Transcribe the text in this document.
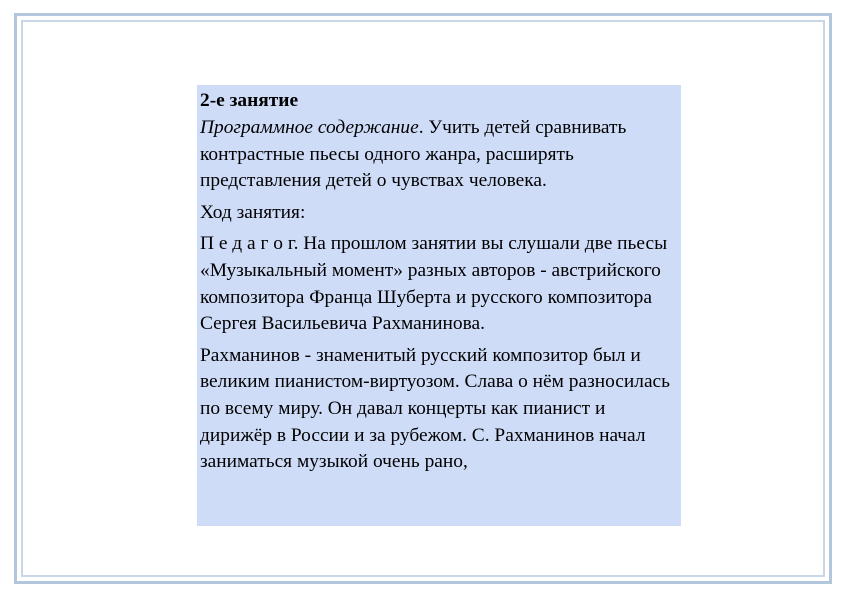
2-е занятие

Программное содержание. Учить детей сравнивать контрастные пьесы одного жанра, расширять представления детей о чувствах человека.

Ход занятия:

П е д а г о г. На прошлом занятии вы слушали две пьесы «Музыкальный момент» разных авторов - австрийского композитора Франца Шуберта и русского композитора Сергея Васильевича Рахманинова.

Рахманинов - знаменитый русский композитор был и великим пианистом-виртуозом. Слава о нём разносилась по всему миру. Он давал концерты как пианист и дирижёр в России и за рубежом. С. Рахманинов начал заниматься музыкой очень рано,
